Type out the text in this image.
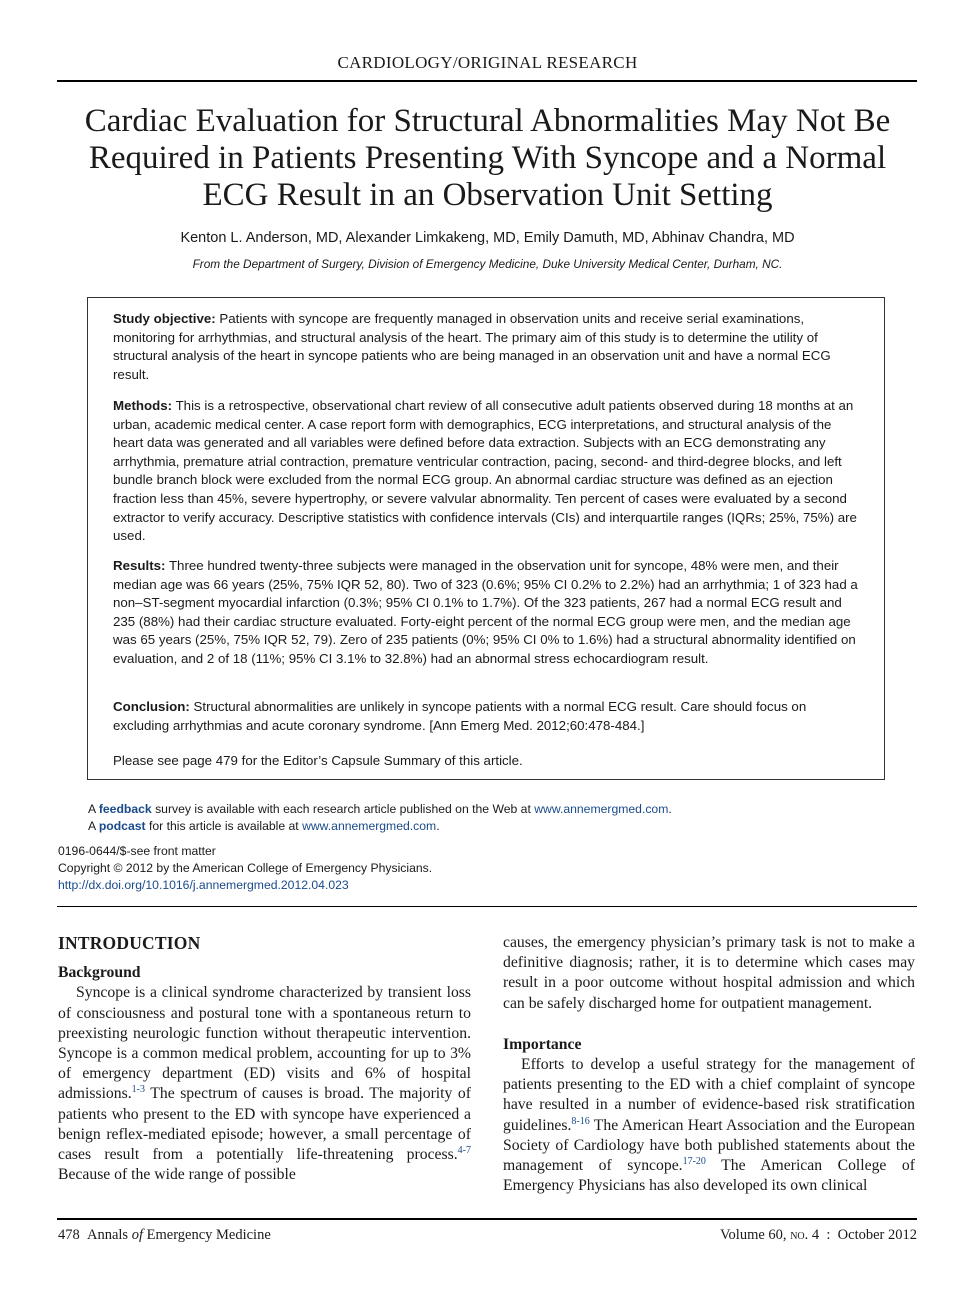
CARDIOLOGY/ORIGINAL RESEARCH
Cardiac Evaluation for Structural Abnormalities May Not Be Required in Patients Presenting With Syncope and a Normal ECG Result in an Observation Unit Setting
Kenton L. Anderson, MD, Alexander Limkakeng, MD, Emily Damuth, MD, Abhinav Chandra, MD
From the Department of Surgery, Division of Emergency Medicine, Duke University Medical Center, Durham, NC.

Study objective: Patients with syncope are frequently managed in observation units and receive serial examinations, monitoring for arrhythmias, and structural analysis of the heart. The primary aim of this study is to determine the utility of structural analysis of the heart in syncope patients who are being managed in an observation unit and have a normal ECG result.

Methods: This is a retrospective, observational chart review of all consecutive adult patients observed during 18 months at an urban, academic medical center. A case report form with demographics, ECG interpretations, and structural analysis of the heart data was generated and all variables were defined before data extraction. Subjects with an ECG demonstrating any arrhythmia, premature atrial contraction, premature ventricular contraction, pacing, second- and third-degree blocks, and left bundle branch block were excluded from the normal ECG group. An abnormal cardiac structure was defined as an ejection fraction less than 45%, severe hypertrophy, or severe valvular abnormality. Ten percent of cases were evaluated by a second extractor to verify accuracy. Descriptive statistics with confidence intervals (CIs) and interquartile ranges (IQRs; 25%, 75%) are used.

Results: Three hundred twenty-three subjects were managed in the observation unit for syncope, 48% were men, and their median age was 66 years (25%, 75% IQR 52, 80). Two of 323 (0.6%; 95% CI 0.2% to 2.2%) had an arrhythmia; 1 of 323 had a non–ST-segment myocardial infarction (0.3%; 95% CI 0.1% to 1.7%). Of the 323 patients, 267 had a normal ECG result and 235 (88%) had their cardiac structure evaluated. Forty-eight percent of the normal ECG group were men, and the median age was 65 years (25%, 75% IQR 52, 79). Zero of 235 patients (0%; 95% CI 0% to 1.6%) had a structural abnormality identified on evaluation, and 2 of 18 (11%; 95% CI 3.1% to 32.8%) had an abnormal stress echocardiogram result.

Conclusion: Structural abnormalities are unlikely in syncope patients with a normal ECG result. Care should focus on excluding arrhythmias and acute coronary syndrome. [Ann Emerg Med. 2012;60:478-484.]

Please see page 479 for the Editor’s Capsule Summary of this article.

A feedback survey is available with each research article published on the Web at www.annemergmed.com.
A podcast for this article is available at www.annemergmed.com.
0196-0644/$-see front matter
Copyright © 2012 by the American College of Emergency Physicians.
http://dx.doi.org/10.1016/j.annemergmed.2012.04.023
INTRODUCTION
Background

Syncope is a clinical syndrome characterized by transient loss of consciousness and postural tone with a spontaneous return to preexisting neurologic function without therapeutic intervention. Syncope is a common medical problem, accounting for up to 3% of emergency department (ED) visits and 6% of hospital admissions.$^{1-3}$ The spectrum of causes is broad. The majority of patients who present to the ED with syncope have experienced a benign reflex-mediated episode; however, a small percentage of cases result from a potentially life-threatening process.$^{4-7}$ Because of the wide range of possible

causes, the emergency physician’s primary task is not to make a definitive diagnosis; rather, it is to determine which cases may result in a poor outcome without hospital admission and which can be safely discharged home for outpatient management.

Importance

Efforts to develop a useful strategy for the management of patients presenting to the ED with a chief complaint of syncope have resulted in a number of evidence-based risk stratification guidelines.$^{8-16}$ The American Heart Association and the European Society of Cardiology have both published statements about the management of syncope.$^{17-20}$ The American College of Emergency Physicians has also developed its own clinical

478 Annals of Emergency Medicine	Volume 60, no. 4 : October 2012
